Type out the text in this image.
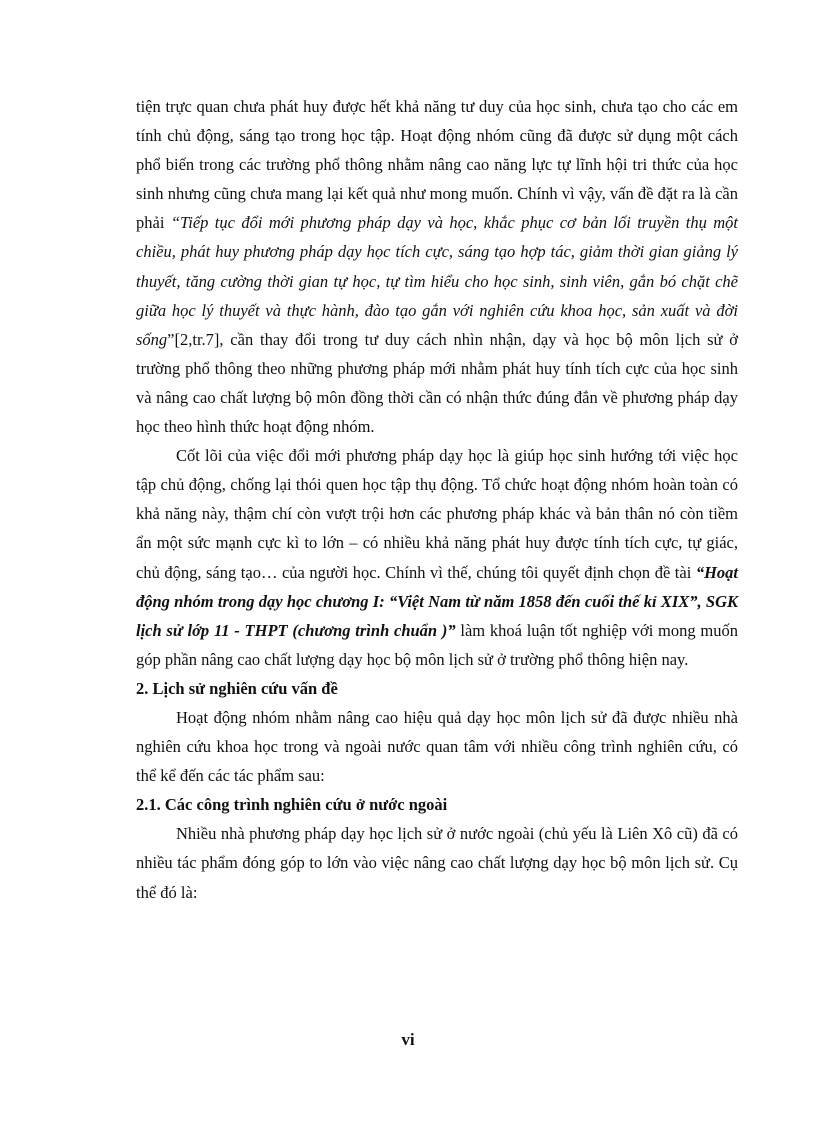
tiện trực quan chưa phát huy được hết khả năng tư duy của học sinh, chưa tạo cho các em tính chủ động, sáng tạo trong học tập. Hoạt động nhóm cũng đã được sử dụng một cách phổ biến trong các trường phổ thông nhằm nâng cao năng lực tự lĩnh hội tri thức của học sinh nhưng cũng chưa mang lại kết quả như mong muốn. Chính vì vậy, vấn đề đặt ra là cần phải “Tiếp tục đổi mới phương pháp dạy và học, khắc phục cơ bản lối truyền thụ một chiều, phát huy phương pháp dạy học tích cực, sáng tạo hợp tác, giảm thời gian giảng lý thuyết, tăng cường thời gian tự học, tự tìm hiểu cho học sinh, sinh viên, gắn bó chặt chẽ giữa học lý thuyết và thực hành, đào tạo gắn với nghiên cứu khoa học, sản xuất và đời sống”[2,tr.7], cần thay đổi trong tư duy cách nhìn nhận, dạy và học bộ môn lịch sử ở trường phổ thông theo những phương pháp mới nhằm phát huy tính tích cực của học sinh và nâng cao chất lượng bộ môn đồng thời cần có nhận thức đúng đắn về phương pháp dạy học theo hình thức hoạt động nhóm.

Cốt lõi của việc đổi mới phương pháp dạy học là giúp học sinh hướng tới việc học tập chủ động, chống lại thói quen học tập thụ động. Tổ chức hoạt động nhóm hoàn toàn có khả năng này, thậm chí còn vượt trội hơn các phương pháp khác và bản thân nó còn tiềm ẩn một sức mạnh cực kì to lớn – có nhiều khả năng phát huy được tính tích cực, tự giác, chủ động, sáng tạo… của người học. Chính vì thế, chúng tôi quyết định chọn đề tài “Hoạt động nhóm trong dạy học chương I: “Việt Nam từ năm 1858 đến cuối thế kỉ XIX”, SGK lịch sử lớp 11 - THPT (chương trình chuẩn )” làm khoá luận tốt nghiệp với mong muốn góp phần nâng cao chất lượng dạy học bộ môn lịch sử ở trường phổ thông hiện nay.

2. Lịch sử nghiên cứu vấn đề

Hoạt động nhóm nhằm nâng cao hiệu quả dạy học môn lịch sử đã được nhiều nhà nghiên cứu khoa học trong và ngoài nước quan tâm với nhiều công trình nghiên cứu, có thể kể đến các tác phẩm sau:

2.1. Các công trình nghiên cứu ở nước ngoài

Nhiều nhà phương pháp dạy học lịch sử ở nước ngoài (chủ yếu là Liên Xô cũ) đã có nhiều tác phẩm đóng góp to lớn vào việc nâng cao chất lượng dạy học bộ môn lịch sử. Cụ thể đó là:

vi
